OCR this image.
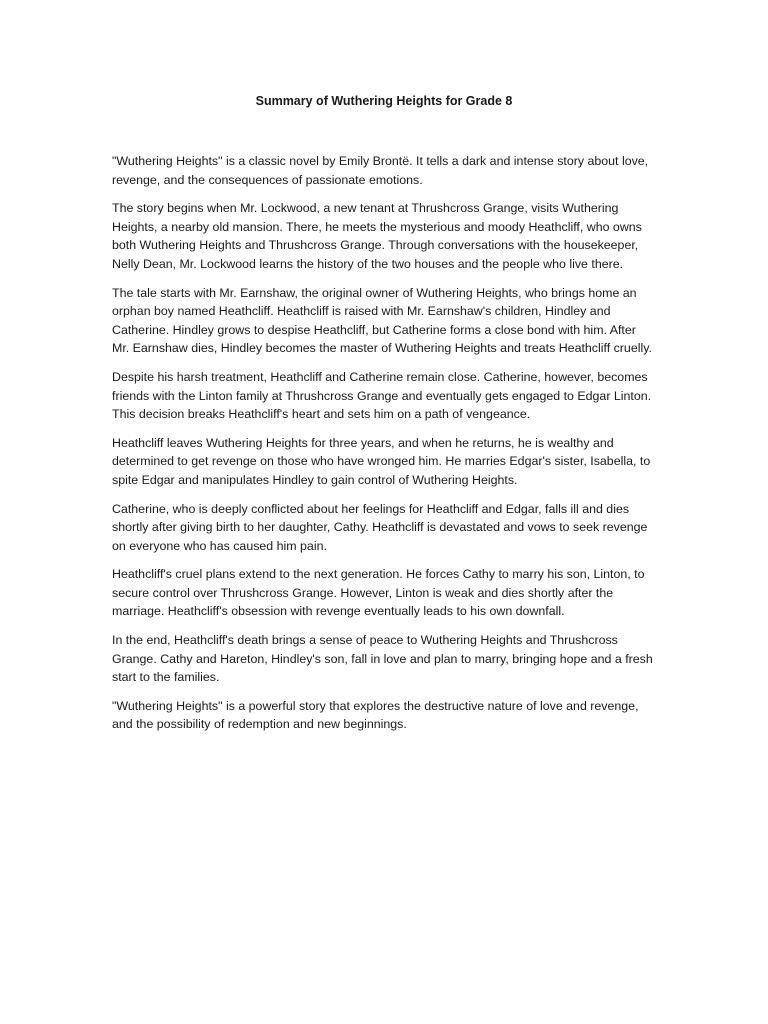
Summary of Wuthering Heights for Grade 8

"Wuthering Heights" is a classic novel by Emily Brontë. It tells a dark and intense story about love, revenge, and the consequences of passionate emotions.

The story begins when Mr. Lockwood, a new tenant at Thrushcross Grange, visits Wuthering Heights, a nearby old mansion. There, he meets the mysterious and moody Heathcliff, who owns both Wuthering Heights and Thrushcross Grange. Through conversations with the housekeeper, Nelly Dean, Mr. Lockwood learns the history of the two houses and the people who live there.

The tale starts with Mr. Earnshaw, the original owner of Wuthering Heights, who brings home an orphan boy named Heathcliff. Heathcliff is raised with Mr. Earnshaw's children, Hindley and Catherine. Hindley grows to despise Heathcliff, but Catherine forms a close bond with him. After Mr. Earnshaw dies, Hindley becomes the master of Wuthering Heights and treats Heathcliff cruelly.

Despite his harsh treatment, Heathcliff and Catherine remain close. Catherine, however, becomes friends with the Linton family at Thrushcross Grange and eventually gets engaged to Edgar Linton. This decision breaks Heathcliff's heart and sets him on a path of vengeance.

Heathcliff leaves Wuthering Heights for three years, and when he returns, he is wealthy and determined to get revenge on those who have wronged him. He marries Edgar's sister, Isabella, to spite Edgar and manipulates Hindley to gain control of Wuthering Heights.

Catherine, who is deeply conflicted about her feelings for Heathcliff and Edgar, falls ill and dies shortly after giving birth to her daughter, Cathy. Heathcliff is devastated and vows to seek revenge on everyone who has caused him pain.

Heathcliff's cruel plans extend to the next generation. He forces Cathy to marry his son, Linton, to secure control over Thrushcross Grange. However, Linton is weak and dies shortly after the marriage. Heathcliff's obsession with revenge eventually leads to his own downfall.

In the end, Heathcliff's death brings a sense of peace to Wuthering Heights and Thrushcross Grange. Cathy and Hareton, Hindley's son, fall in love and plan to marry, bringing hope and a fresh start to the families.

"Wuthering Heights" is a powerful story that explores the destructive nature of love and revenge, and the possibility of redemption and new beginnings.
